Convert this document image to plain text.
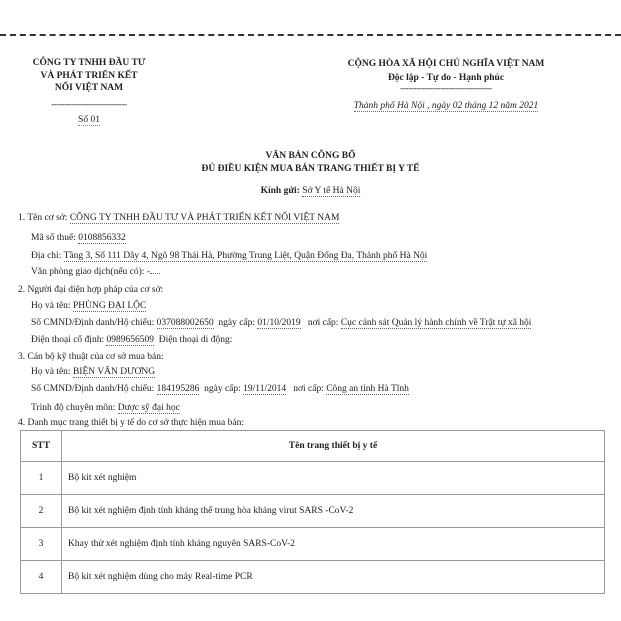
CÔNG TY TNHH ĐẦU TƯ
VÀ PHÁT TRIỂN KẾT
NỐI VIỆT NAM
----------------------------
Số 01
CỘNG HÒA XÃ HỘI CHỦ NGHĨA VIỆT NAM
Độc lập - Tự do - Hạnh phúc
----------------------------------
Thành phố Hà Nội , ngày 02 tháng 12 năm 2021
VĂN BẢN CÔNG BỐ
ĐỦ ĐIỀU KIỆN MUA BÁN TRANG THIẾT BỊ Y TẾ
Kính gửi: Sở Y tế Hà Nội
1. Tên cơ sở: CÔNG TY TNHH ĐẦU TƯ VÀ PHÁT TRIỂN KẾT NỐI VIỆT NAM
Mã số thuế: 0108856332
Địa chỉ: Tầng 3, Số 111 Dãy 4, Ngõ 98 Thái Hà, Phường Trung Liệt, Quận Đống Đa, Thành phố Hà Nội
Văn phòng giao dịch(nếu có): -
2. Người đại diện hợp pháp của cơ sở:
Họ và tên: PHÙNG ĐẠI LỘC
Số CMND/Định danh/Hộ chiếu: 037088002650 ngày cấp: 01/10/2019 nơi cấp: Cục cảnh sát Quản lý hành chính về Trật tự xã hội
Điện thoại cố định: 0989656509 Điện thoại di động:
3. Cán bộ kỹ thuật của cơ sở mua bán:
Họ và tên: BIỆN VĂN DƯƠNG
Số CMND/Định danh/Hộ chiếu: 184195286 ngày cấp: 19/11/2014 nơi cấp: Công an tỉnh Hà Tĩnh
Trình độ chuyên môn: Dược sỹ đại học
4. Danh mục trang thiết bị y tế do cơ sở thực hiện mua bán:
STT	Tên trang thiết bị y tế
1	Bộ kit xét nghiệm
2	Bộ kit xét nghiệm định tính kháng thể trung hòa kháng virut SARS -CoV-2
3	Khay thử xét nghiệm định tính kháng nguyên SARS-CoV-2
4	Bộ kit xét nghiệm dùng cho máy Real-time PCR
